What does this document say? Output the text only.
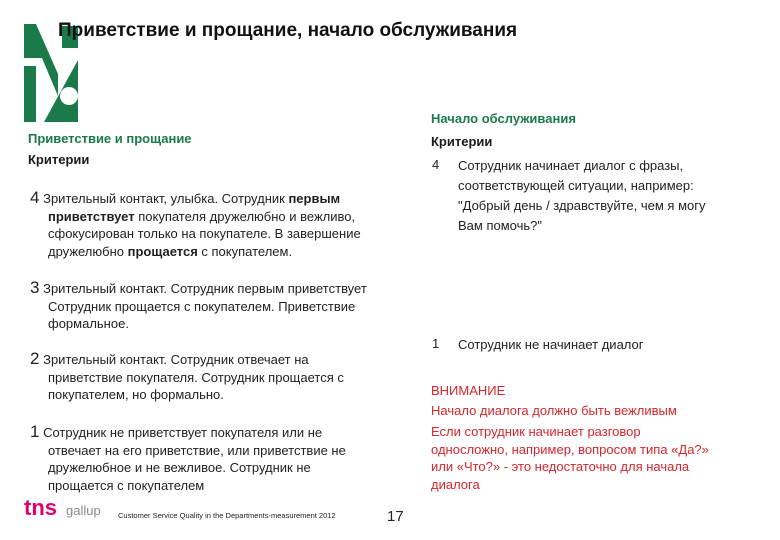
Приветствие и прощание, начало обслуживания
Приветствие и прощание
Критерии
4 Зрительный контакт, улыбка. Сотрудник первым
приветствует покупателя дружелюбно и вежливо,
сфокусирован только на покупателе. В завершение
дружелюбно прощается с покупателем.
3 Зрительный контакт. Сотрудник первым приветствует
Сотрудник прощается с покупателем. Приветствие
формальное.
2 Зрительный контакт. Сотрудник отвечает на
приветствие покупателя. Сотрудник прощается с
покупателем, но формально.
1 Сотрудник не приветствует покупателя или не
отвечает на его приветствие, или приветствие не
дружелюбное и не вежливое. Сотрудник не
прощается с покупателем
Начало обслуживания
Критерии
4 Сотрудник начинает диалог с фразы,
соответствующей ситуации, например:
"Добрый день / здравствуйте, чем я могу
Вам помочь?"
1 Сотрудник не начинает диалог
ВНИМАНИЕ
Начало диалога должно быть вежливым
Если сотрудник начинает разговор
односложно, например, вопросом типа «Да?»
или «Что?» - это недостаточно для начала
диалога
tns gallup Customer Service Quality in the Departments-measurement 2012	17
